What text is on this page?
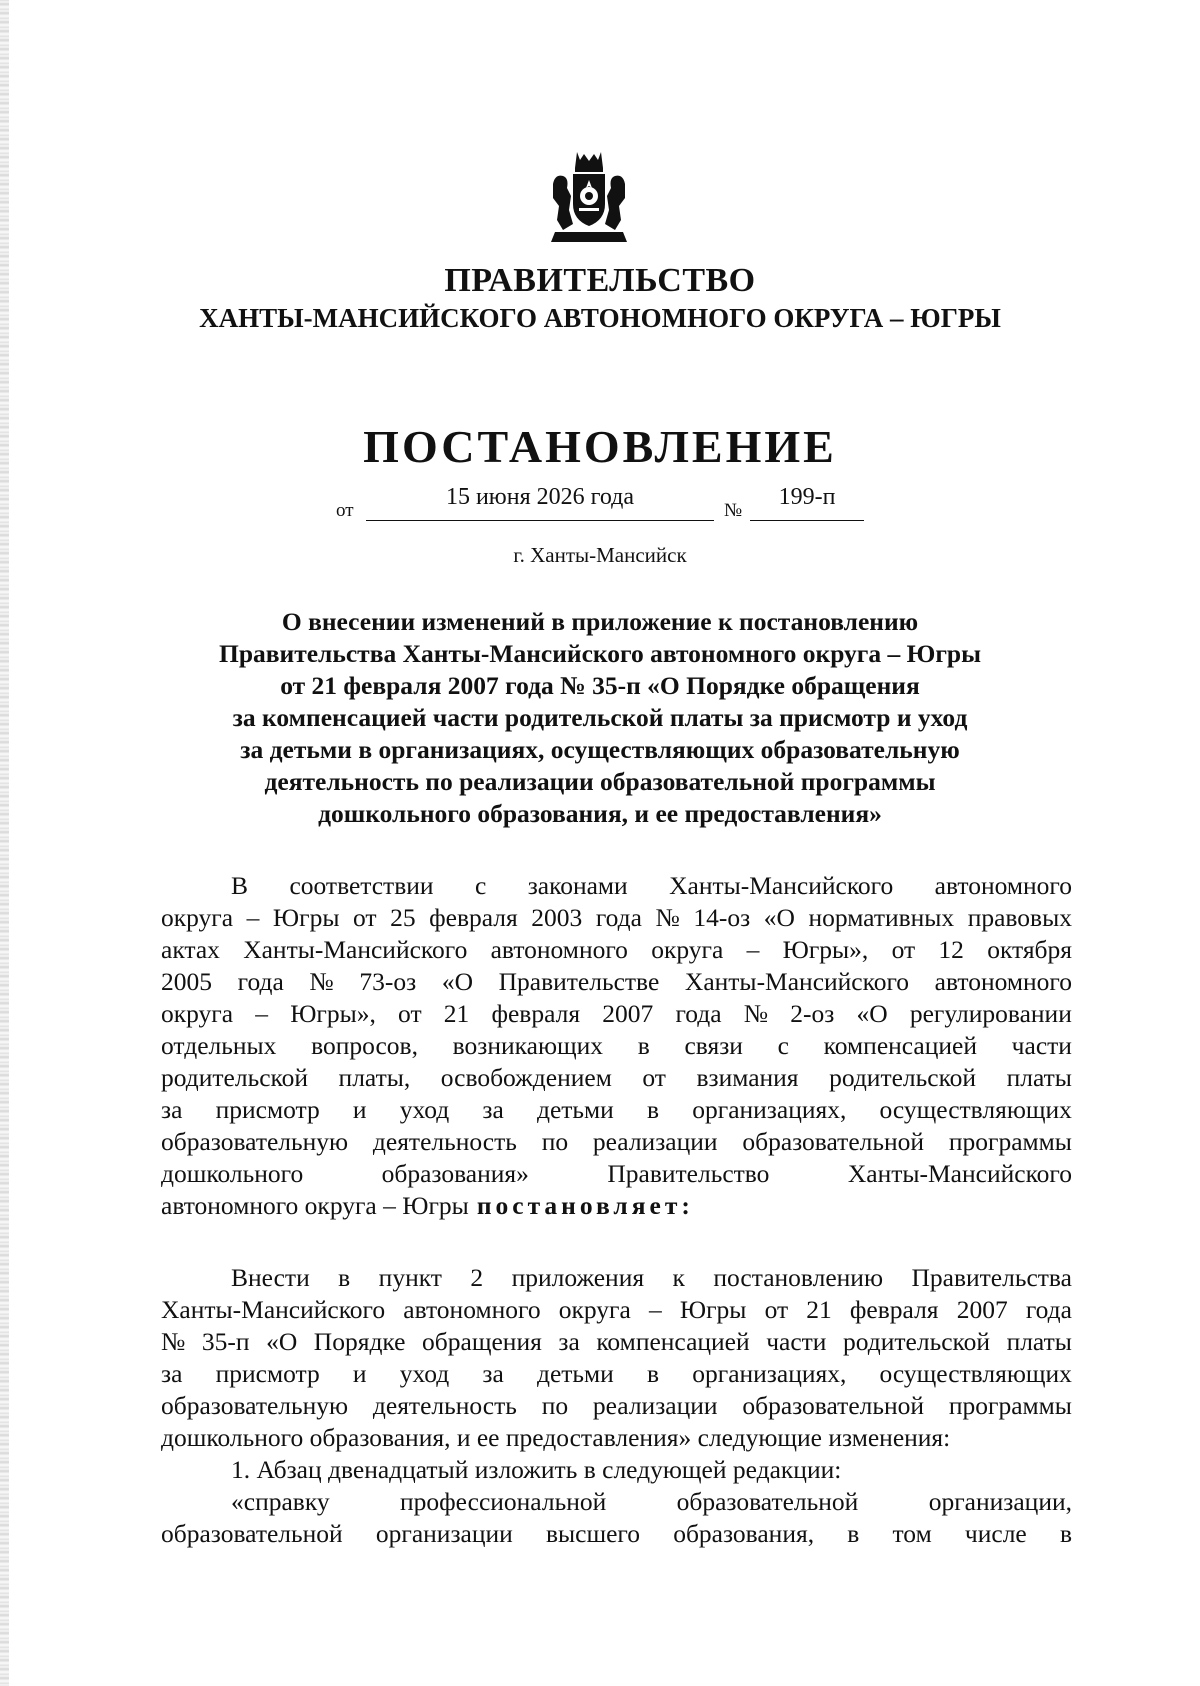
ПРАВИТЕЛЬСТВО
ХАНТЫ-МАНСИЙСКОГО АВТОНОМНОГО ОКРУГА – ЮГРЫ
ПОСТАНОВЛЕНИЕ
от
15 июня 2026 года
№
199-п
г. Ханты-Мансийск
О внесении изменений в приложение к постановлению
Правительства Ханты-Мансийского автономного округа – Югры
от 21 февраля 2007 года № 35-п «О Порядке обращения
за компенсацией части родительской платы за присмотр и уход
за детьми в организациях, осуществляющих образовательную
деятельность по реализации образовательной программы
дошкольного образования, и ее предоставления»
В соответствии с законами Ханты-Мансийского автономного
округа – Югры от 25 февраля 2003 года № 14-оз «О нормативных правовых
актах Ханты-Мансийского автономного округа – Югры», от 12 октября
2005 года № 73-оз «О Правительстве Ханты-Мансийского автономного
округа – Югры», от 21 февраля 2007 года № 2-оз «О регулировании
отдельных вопросов, возникающих в связи с компенсацией части
родительской платы, освобождением от взимания родительской платы
за присмотр и уход за детьми в организациях, осуществляющих
образовательную деятельность по реализации образовательной программы
дошкольного	образования»	Правительство	Ханты-Мансийского
автономного округа – Югры постановляет:
Внести в пункт 2 приложения к постановлению Правительства
Ханты-Мансийского автономного округа – Югры от 21 февраля 2007 года
№ 35-п «О Порядке обращения за компенсацией части родительской платы
за присмотр и уход за детьми в организациях, осуществляющих
образовательную деятельность по реализации образовательной программы
дошкольного образования, и ее предоставления» следующие изменения:
1. Абзац двенадцатый изложить в следующей редакции:
«справку	профессиональной	образовательной	организации,
образовательной организации высшего образования, в том числе в
